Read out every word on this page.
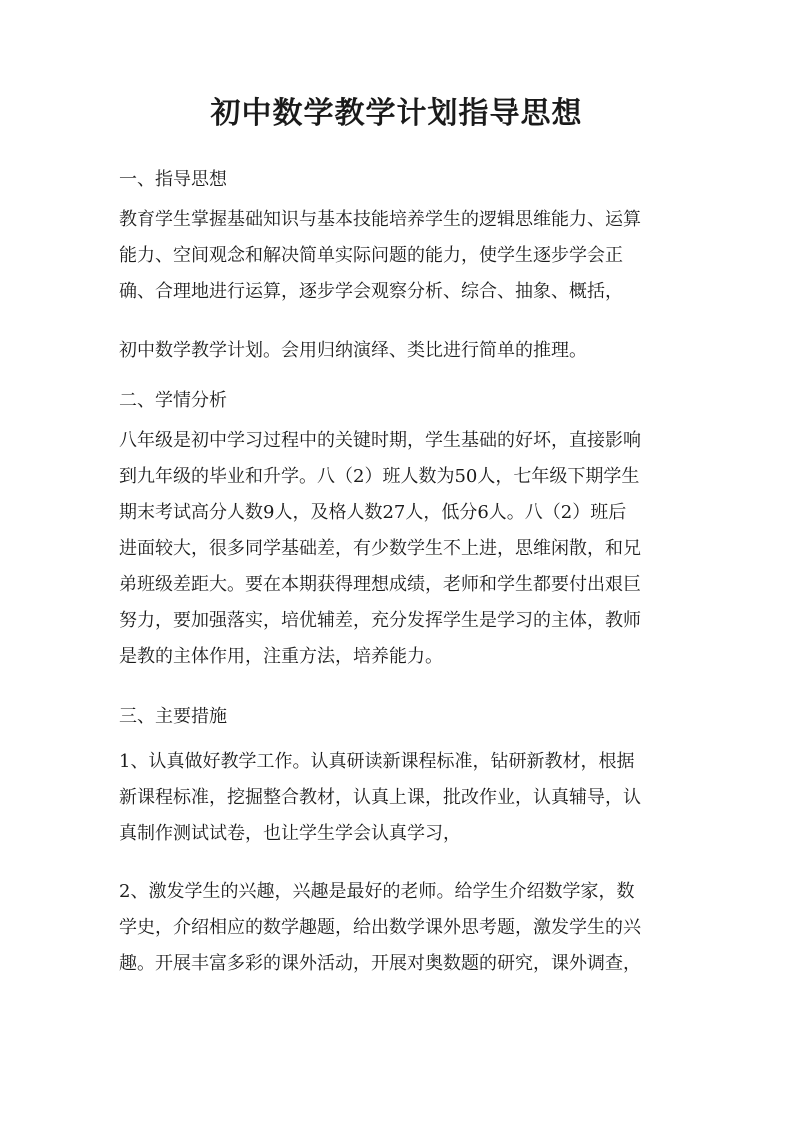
初中数学教学计划指导思想

一、指导思想

教育学生掌握基础知识与基本技能培养学生的逻辑思维能力、运算
能力、空间观念和解决简单实际问题的能力，使学生逐步学会正
确、合理地进行运算，逐步学会观察分析、综合、抽象、概括，

初中数学教学计划。会用归纳演绎、类比进行简单的推理。

二、学情分析

八年级是初中学习过程中的关键时期，学生基础的好坏，直接影响
到九年级的毕业和升学。八（2）班人数为50人，七年级下期学生
期末考试高分人数9人，及格人数27人，低分6人。八（2）班后
进面较大，很多同学基础差，有少数学生不上进，思维闲散，和兄
弟班级差距大。要在本期获得理想成绩，老师和学生都要付出艰巨
努力，要加强落实，培优辅差，充分发挥学生是学习的主体，教师
是教的主体作用，注重方法，培养能力。

三、主要措施

1、认真做好教学工作。认真研读新课程标准，钻研新教材，根据
新课程标准，挖掘整合教材，认真上课，批改作业，认真辅导，认
真制作测试试卷，也让学生学会认真学习，

2、激发学生的兴趣，兴趣是最好的老师。给学生介绍数学家，数
学史，介绍相应的数学趣题，给出数学课外思考题，激发学生的兴
趣。开展丰富多彩的课外活动，开展对奥数题的研究，课外调查，
